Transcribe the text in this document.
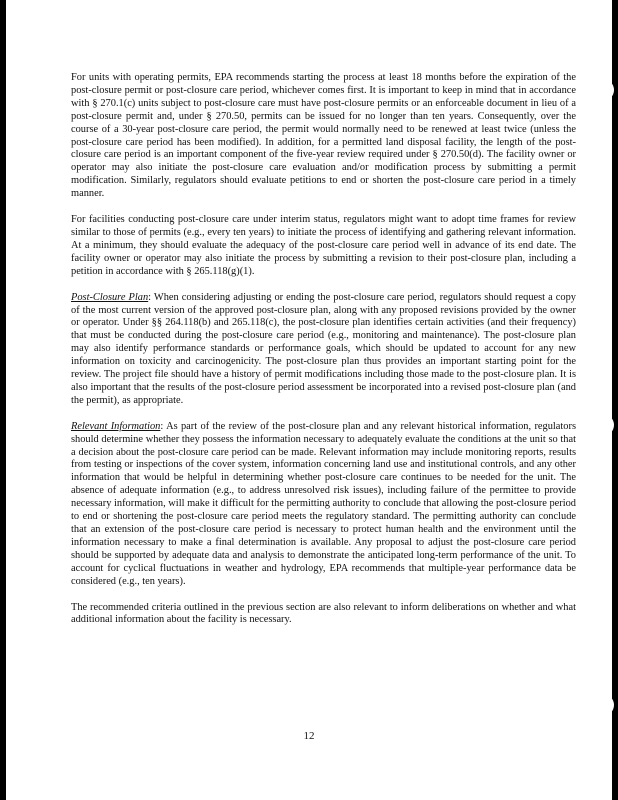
For units with operating permits, EPA recommends starting the process at least 18 months before the expiration of the post-closure permit or post-closure care period, whichever comes first. It is important to keep in mind that in accordance with § 270.1(c) units subject to post-closure care must have post-closure permits or an enforceable document in lieu of a post-closure permit and, under § 270.50, permits can be issued for no longer than ten years. Consequently, over the course of a 30-year post-closure care period, the permit would normally need to be renewed at least twice (unless the post-closure care period has been modified). In addition, for a permitted land disposal facility, the length of the post-closure care period is an important component of the five-year review required under § 270.50(d). The facility owner or operator may also initiate the post-closure care evaluation and/or modification process by submitting a permit modification. Similarly, regulators should evaluate petitions to end or shorten the post-closure care period in a timely manner.

For facilities conducting post-closure care under interim status, regulators might want to adopt time frames for review similar to those of permits (e.g., every ten years) to initiate the process of identifying and gathering relevant information. At a minimum, they should evaluate the adequacy of the post-closure care period well in advance of its end date. The facility owner or operator may also initiate the process by submitting a revision to their post-closure plan, including a petition in accordance with § 265.118(g)(1).

Post-Closure Plan: When considering adjusting or ending the post-closure care period, regulators should request a copy of the most current version of the approved post-closure plan, along with any proposed revisions provided by the owner or operator. Under §§ 264.118(b) and 265.118(c), the post-closure plan identifies certain activities (and their frequency) that must be conducted during the post-closure care period (e.g., monitoring and maintenance). The post-closure plan may also identify performance standards or performance goals, which should be updated to account for any new information on toxicity and carcinogenicity. The post-closure plan thus provides an important starting point for the review. The project file should have a history of permit modifications including those made to the post-closure plan. It is also important that the results of the post-closure period assessment be incorporated into a revised post-closure plan (and the permit), as appropriate.

Relevant Information: As part of the review of the post-closure plan and any relevant historical information, regulators should determine whether they possess the information necessary to adequately evaluate the conditions at the unit so that a decision about the post-closure care period can be made. Relevant information may include monitoring reports, results from testing or inspections of the cover system, information concerning land use and institutional controls, and any other information that would be helpful in determining whether post-closure care continues to be needed for the unit. The absence of adequate information (e.g., to address unresolved risk issues), including failure of the permittee to provide necessary information, will make it difficult for the permitting authority to conclude that allowing the post-closure period to end or shortening the post-closure care period meets the regulatory standard. The permitting authority can conclude that an extension of the post-closure care period is necessary to protect human health and the environment until the information necessary to make a final determination is available. Any proposal to adjust the post-closure care period should be supported by adequate data and analysis to demonstrate the anticipated long-term performance of the unit. To account for cyclical fluctuations in weather and hydrology, EPA recommends that multiple-year performance data be considered (e.g., ten years).

The recommended criteria outlined in the previous section are also relevant to inform deliberations on whether and what additional information about the facility is necessary.

12
